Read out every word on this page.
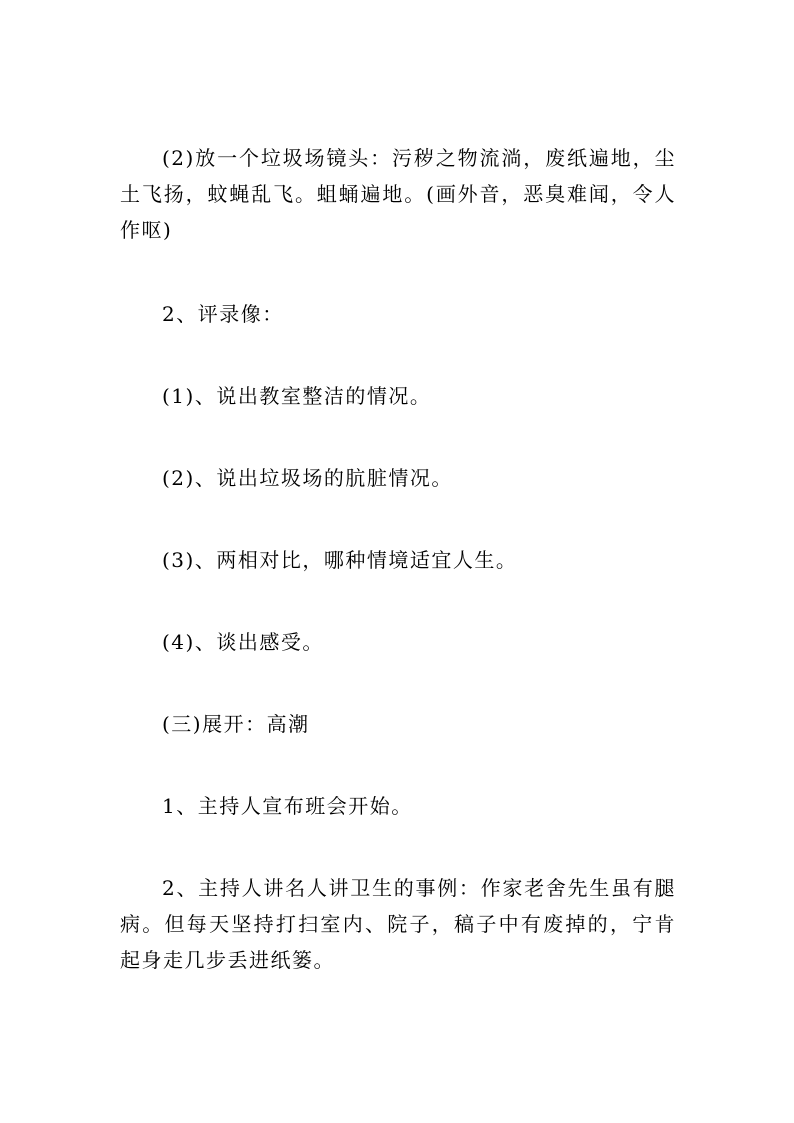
(2)放一个垃圾场镜头：污秽之物流淌，废纸遍地，尘土飞扬，蚊蝇乱飞。蛆蛹遍地。(画外音，恶臭难闻，令人作呕)

2、评录像：

(1)、说出教室整洁的情况。

(2)、说出垃圾场的肮脏情况。

(3)、两相对比，哪种情境适宜人生。

(4)、谈出感受。

(三)展开：高潮

1、主持人宣布班会开始。

2、主持人讲名人讲卫生的事例：作家老舍先生虽有腿病。但每天坚持打扫室内、院子，稿子中有废掉的，宁肯起身走几步丢进纸篓。
